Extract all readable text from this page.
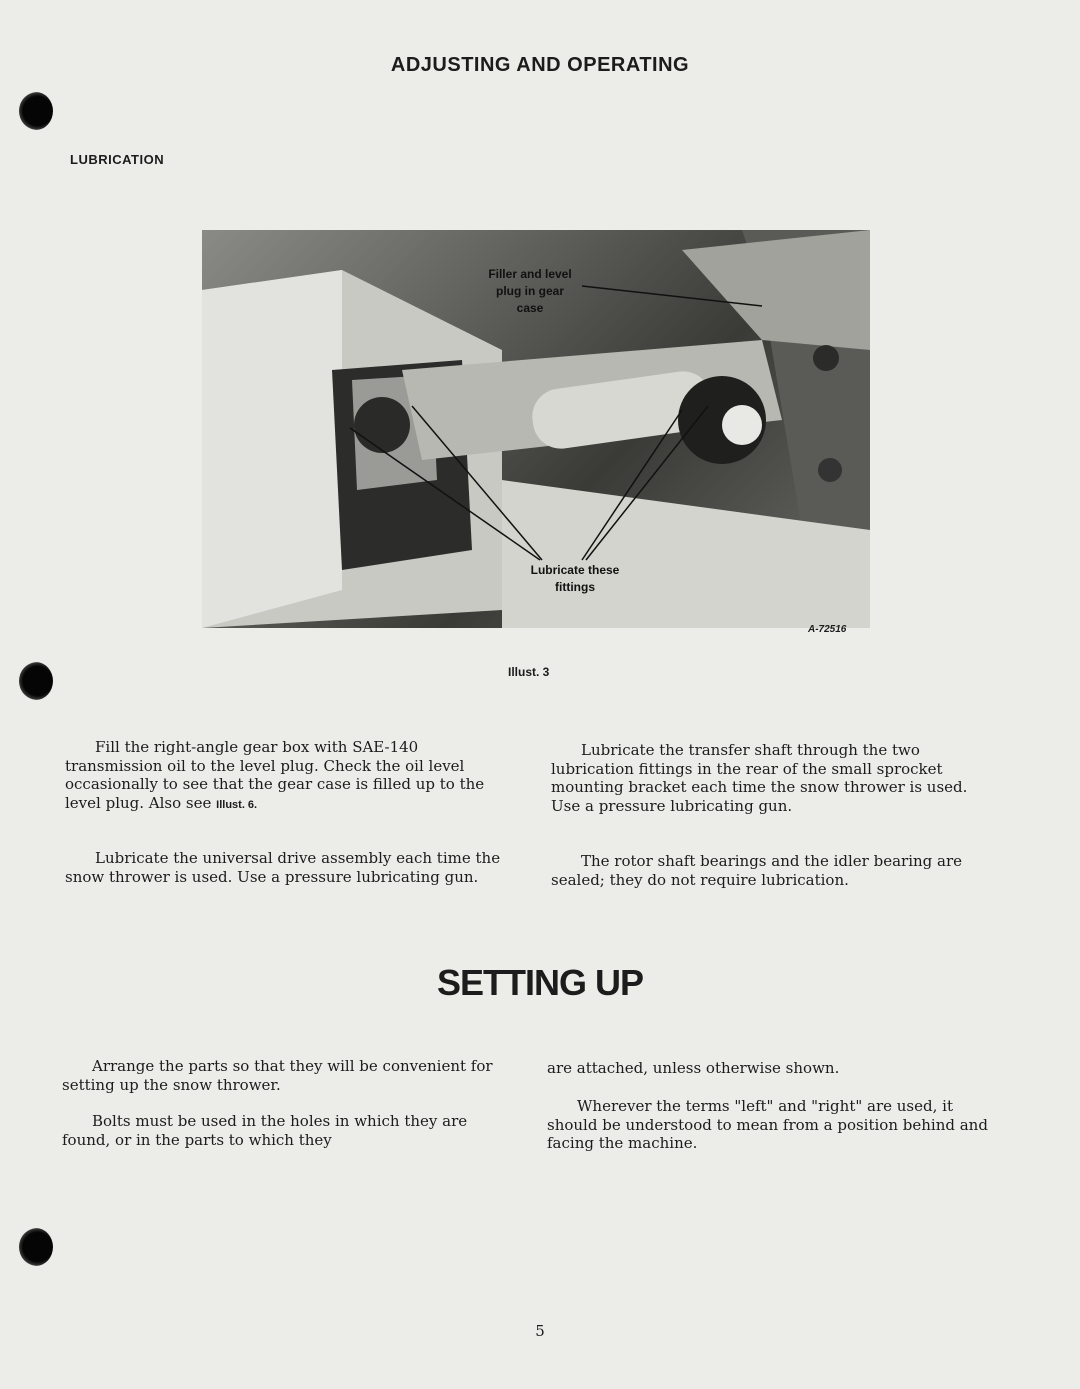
ADJUSTING AND OPERATING
LUBRICATION
Filler and level
plug in gear
case
Lubricate these
fittings
A-72516
Illust. 3

Fill the right-angle gear box with SAE-140 transmission oil to the level plug. Check the oil level occasionally to see that the gear case is filled up to the level plug. Also see Illust. 6.

Lubricate the universal drive assembly each time the snow thrower is used. Use a pressure lubricating gun.

Lubricate the transfer shaft through the two lubrication fittings in the rear of the small sprocket mounting bracket each time the snow thrower is used. Use a pressure lubricating gun.

The rotor shaft bearings and the idler bearing are sealed; they do not require lubrication.

SETTING UP

Arrange the parts so that they will be convenient for setting up the snow thrower.

Bolts must be used in the holes in which they are found, or in the parts to which they

are attached, unless otherwise shown.

Wherever the terms "left" and "right" are used, it should be understood to mean from a position behind and facing the machine.

5
